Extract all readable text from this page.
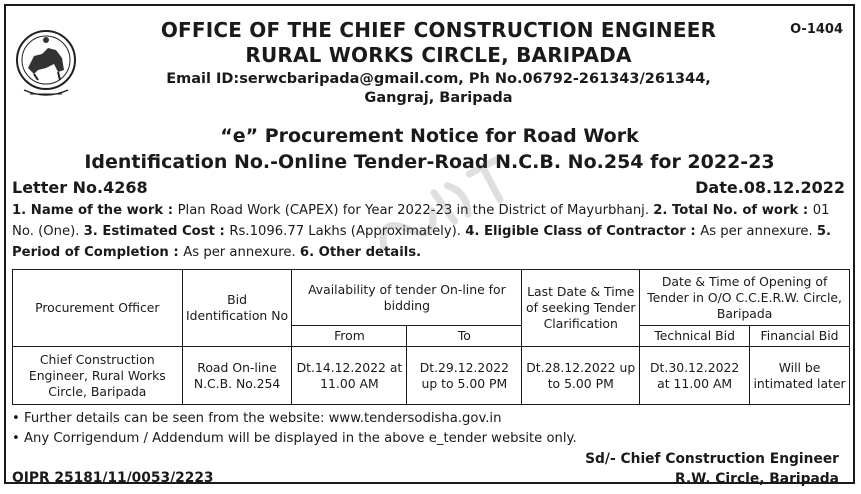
O-1404
OFFICE OF THE CHIEF CONSTRUCTION ENGINEER
RURAL WORKS CIRCLE, BARIPADA
Email ID:serwcbaripada@gmail.com, Ph No.06792-261343/261344,
Gangraj, Baripada
“e” Procurement Notice for Road Work
Identification No.-Online Tender-Road N.C.B. No.254 for 2022-23
Letter No.4268	Date.08.12.2022
1. Name of the work : Plan Road Work (CAPEX) for Year 2022-23 in the District of Mayurbhanj. 2. Total No. of work : 01 No. (One). 3. Estimated Cost : Rs.1096.77 Lakhs (Approximately). 4. Eligible Class of Contractor : As per annexure. 5. Period of Completion : As per annexure. 6. Other details.
Procurement Officer	Bid Identification No	Availability of tender On-line for bidding		Last Date & Time of seeking Tender Clarification	Date & Time of Opening of Tender in O/O C.C.E.R.W. Circle, Baripada	
		From	To		Technical Bid	Financial Bid
Chief Construction Engineer, Rural Works Circle, Baripada	Road On-line N.C.B. No.254	Dt.14.12.2022 at 11.00 AM	Dt.29.12.2022 up to 5.00 PM	Dt.28.12.2022 up to 5.00 PM	Dt.30.12.2022 at 11.00 AM	Will be intimated later
• Further details can be seen from the website: www.tendersodisha.gov.in
• Any Corrigendum / Addendum will be displayed in the above e_tender website only.
Sd/- Chief Construction Engineer
R.W. Circle, Baripada
OIPR 25181/11/0053/2223
